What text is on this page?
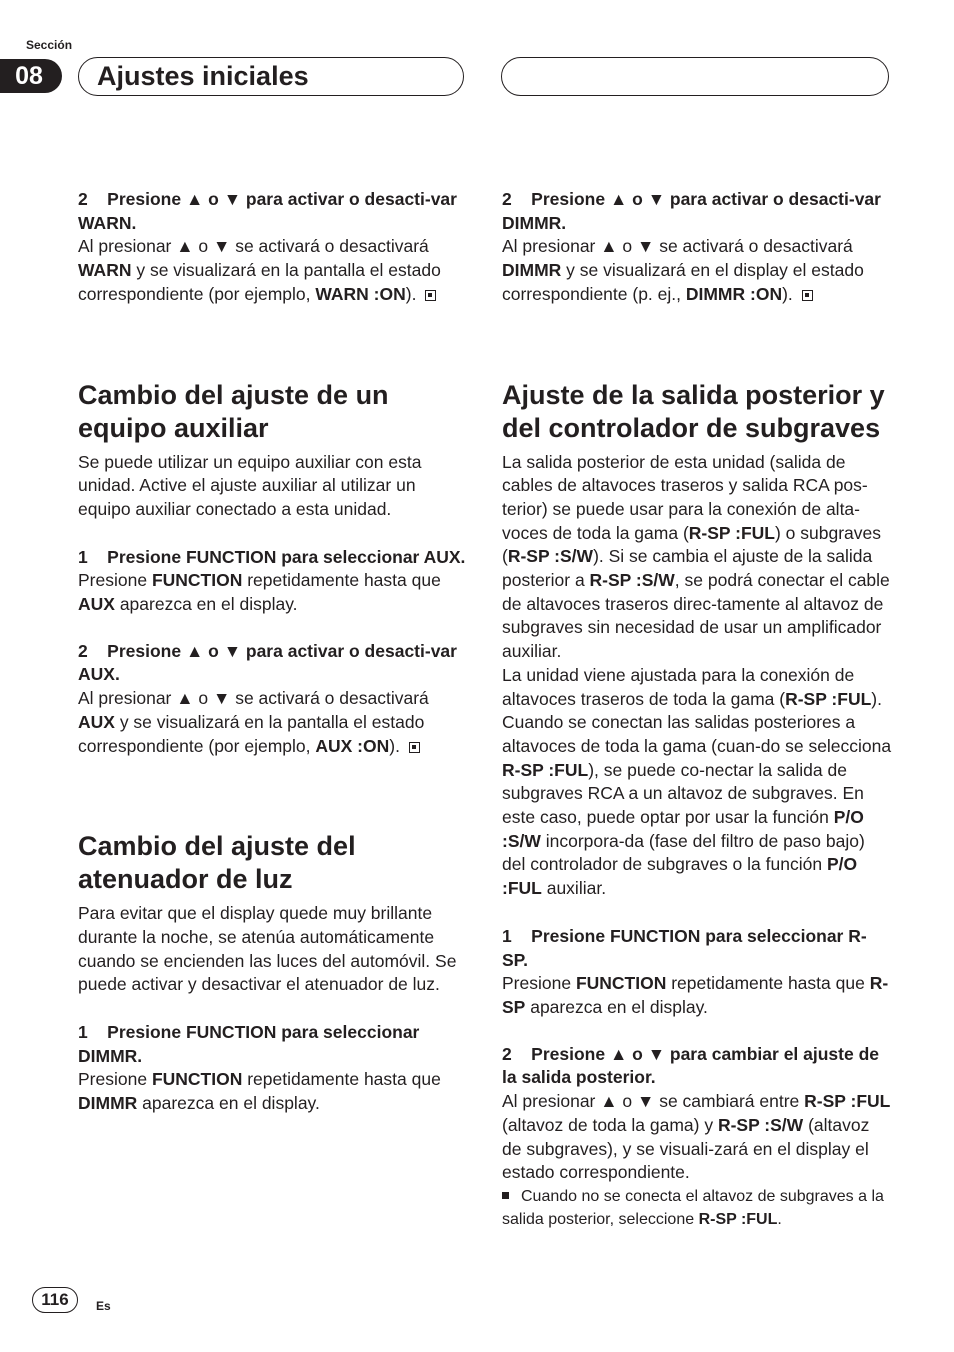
Sección
08	Ajustes iniciales

2    Presione ▲ o ▼ para activar o desacti-var WARN.

Al presionar ▲ o ▼ se activará o desactivará WARN y se visualizará en la pantalla el estado correspondiente (por ejemplo, WARN :ON).

Cambio del ajuste de un equipo auxiliar

Se puede utilizar un equipo auxiliar con esta unidad. Active el ajuste auxiliar al utilizar un equipo auxiliar conectado a esta unidad.

1    Presione FUNCTION para seleccionar AUX.

Presione FUNCTION repetidamente hasta que AUX aparezca en el display.

2    Presione ▲ o ▼ para activar o desacti-var AUX.

Al presionar ▲ o ▼ se activará o desactivará AUX y se visualizará en la pantalla el estado correspondiente (por ejemplo, AUX :ON).

Cambio del ajuste del atenuador de luz

Para evitar que el display quede muy brillante durante la noche, se atenúa automáticamente cuando se encienden las luces del automóvil. Se puede activar y desactivar el atenuador de luz.

1    Presione FUNCTION para seleccionar DIMMR.

Presione FUNCTION repetidamente hasta que DIMMR aparezca en el display.

2    Presione ▲ o ▼ para activar o desacti-var DIMMR.

Al presionar ▲ o ▼ se activará o desactivará DIMMR y se visualizará en el display el estado correspondiente (p. ej., DIMMR :ON).

Ajuste de la salida posterior y del controlador de subgraves

La salida posterior de esta unidad (salida de cables de altavoces traseros y salida RCA pos-terior) se puede usar para la conexión de alta-voces de toda la gama (R-SP :FUL) o subgraves (R-SP :S/W). Si se cambia el ajuste de la salida posterior a R-SP :S/W, se podrá conectar el cable de altavoces traseros direc-tamente al altavoz de subgraves sin necesidad de usar un amplificador auxiliar.

La unidad viene ajustada para la conexión de altavoces traseros de toda la gama (R-SP :FUL). Cuando se conectan las salidas posteriores a altavoces de toda la gama (cuan-do se selecciona R-SP :FUL), se puede co-nectar la salida de subgraves RCA a un altavoz de subgraves. En este caso, puede optar por usar la función P/O :S/W incorpora-da (fase del filtro de paso bajo) del controlador de subgraves o la función P/O :FUL auxiliar.

1    Presione FUNCTION para seleccionar R-SP.

Presione FUNCTION repetidamente hasta que R-SP aparezca en el display.

2    Presione ▲ o ▼ para cambiar el ajuste de la salida posterior.

Al presionar ▲ o ▼ se cambiará entre R-SP :FUL (altavoz de toda la gama) y R-SP :S/W (altavoz de subgraves), y se visuali-zará en el display el estado correspondiente.

Cuando no se conecta el altavoz de subgraves a la salida posterior, seleccione R-SP :FUL.

116	Es
